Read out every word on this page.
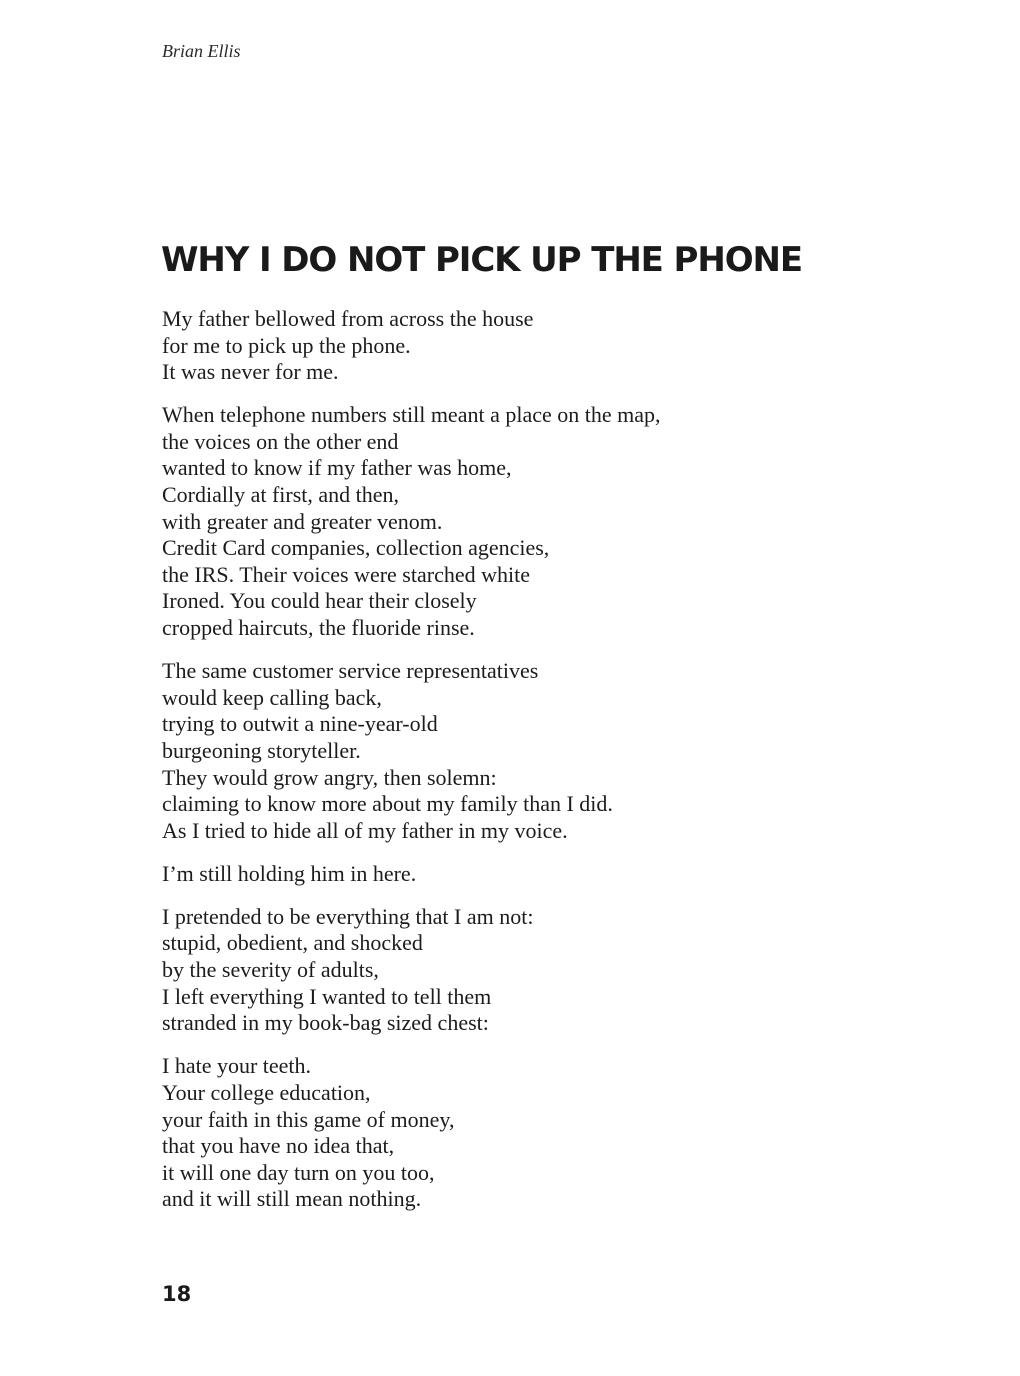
Brian Ellis
WHY I DO NOT PICK UP THE PHONE
My father bellowed from across the house
for me to pick up the phone.
It was never for me.
When telephone numbers still meant a place on the map,
the voices on the other end
wanted to know if my father was home,
Cordially at first, and then,
with greater and greater venom.
Credit Card companies, collection agencies,
the IRS. Their voices were starched white
Ironed. You could hear their closely
cropped haircuts, the fluoride rinse.
The same customer service representatives
would keep calling back,
trying to outwit a nine-year-old
burgeoning storyteller.
They would grow angry, then solemn:
claiming to know more about my family than I did.
As I tried to hide all of my father in my voice.
I’m still holding him in here.
I pretended to be everything that I am not:
stupid, obedient, and shocked
by the severity of adults,
I left everything I wanted to tell them
stranded in my book-bag sized chest:
I hate your teeth.
Your college education,
your faith in this game of money,
that you have no idea that,
it will one day turn on you too,
and it will still mean nothing.
18
